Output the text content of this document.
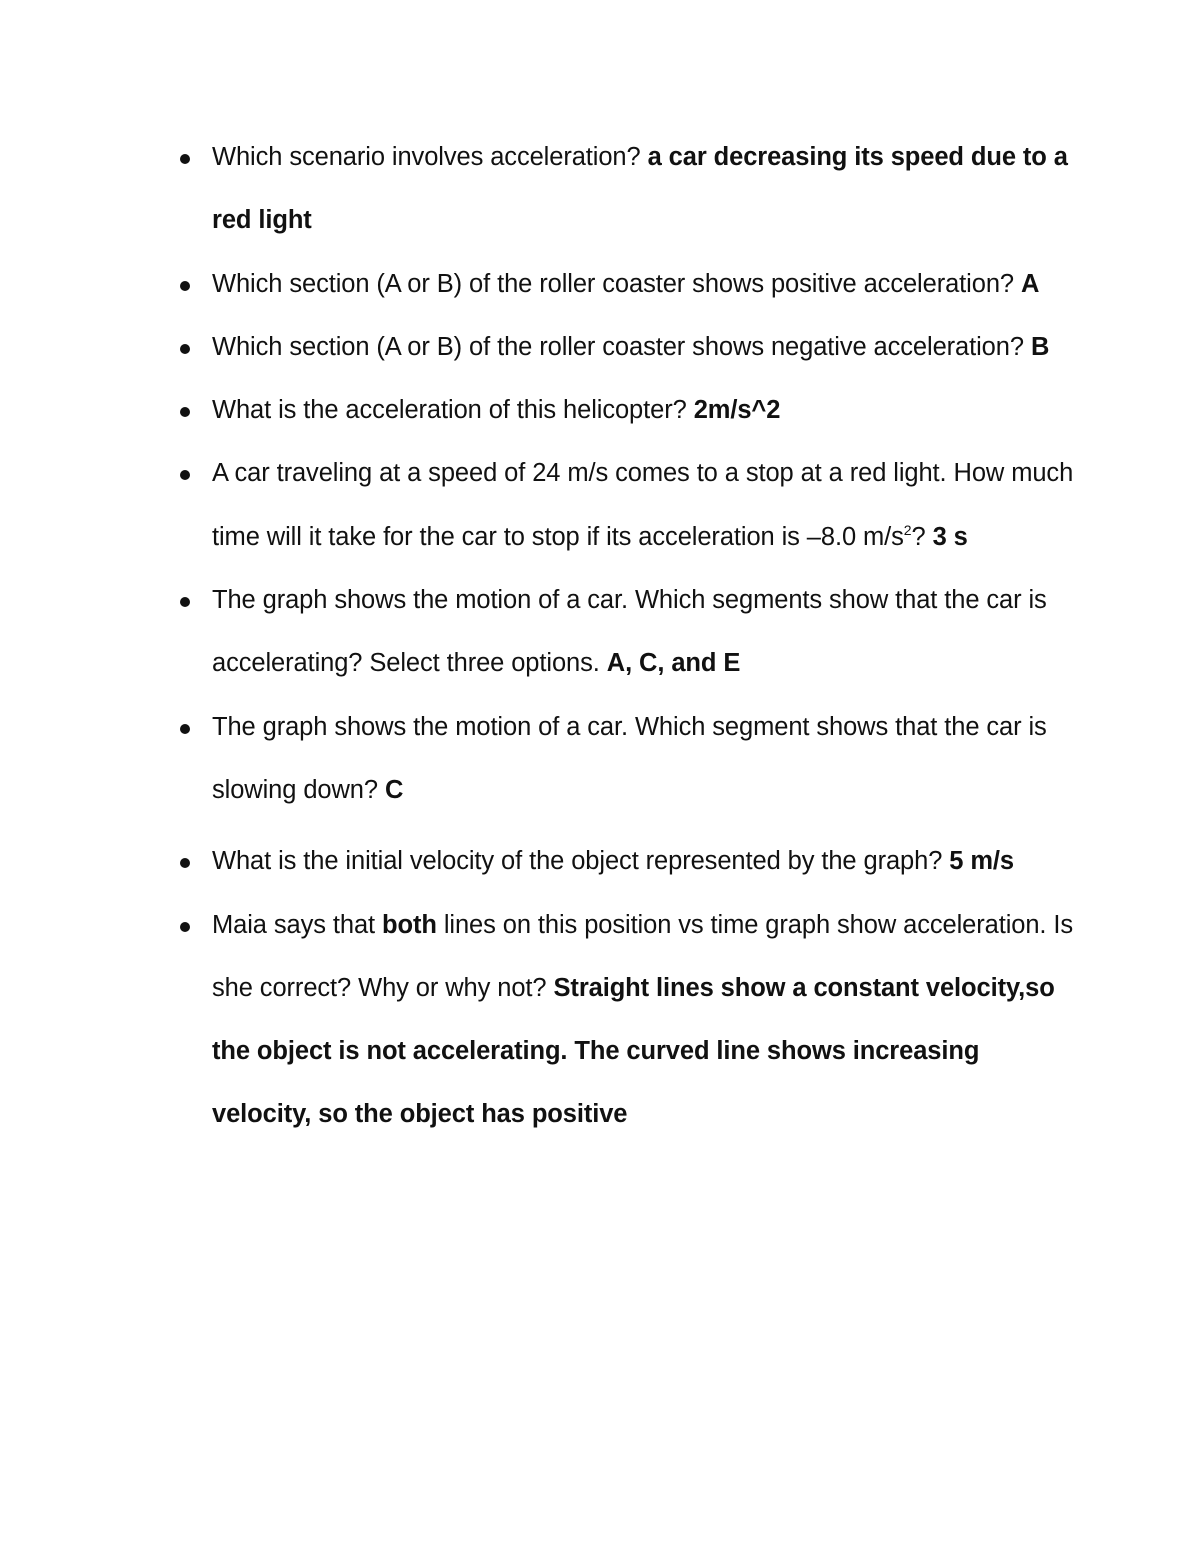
Which scenario involves acceleration? a car decreasing its speed due to a red light
Which section (A or B) of the roller coaster shows positive acceleration? A
Which section (A or B) of the roller coaster shows negative acceleration? B
What is the acceleration of this helicopter? 2m/s^2
A car traveling at a speed of 24 m/s comes to a stop at a red light. How much time will it take for the car to stop if its acceleration is –8.0 $m/s^2$? 3 s
The graph shows the motion of a car. Which segments show that the car is accelerating? Select three options. A, C, and E
The graph shows the motion of a car. Which segment shows that the car is slowing down? C
What is the initial velocity of the object represented by the graph? 5 m/s
Maia says that both lines on this position vs time graph show acceleration. Is she correct? Why or why not? Straight lines show a constant velocity,so the object is not accelerating. The curved line shows increasing velocity, so the object has positive
